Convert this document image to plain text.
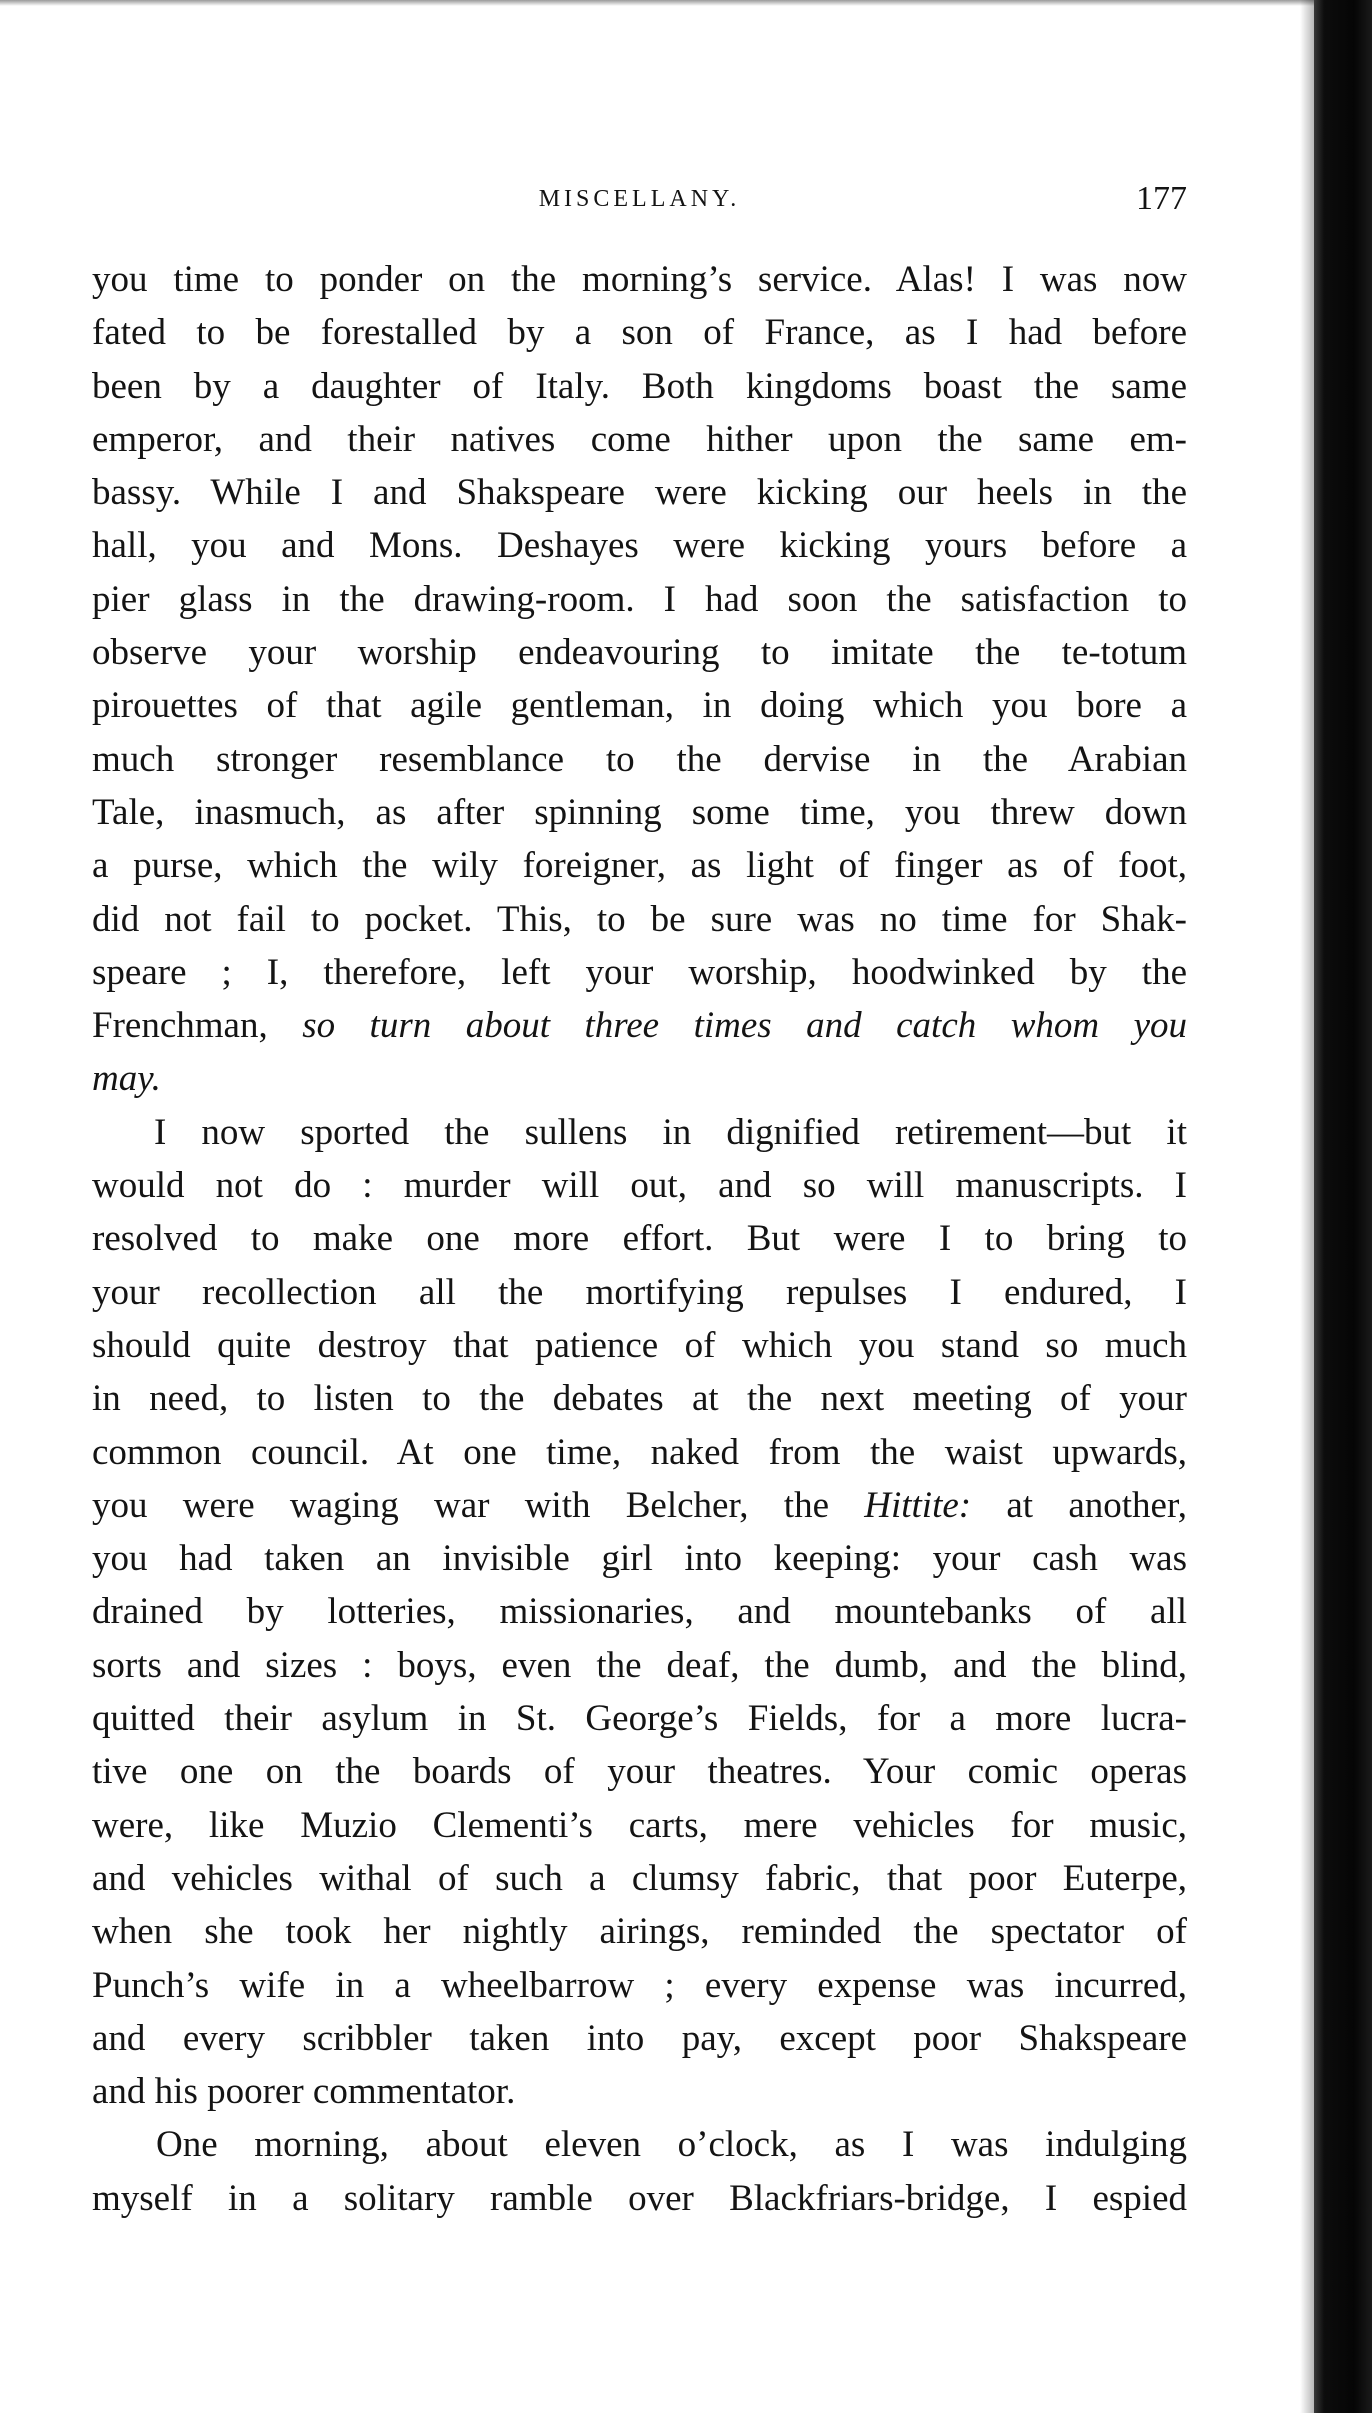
MISCELLANY.	177
you time to ponder on the morning’s service. Alas! I was now
fated to be forestalled by a son of France, as I had before
been by a daughter of Italy. Both kingdoms boast the same
emperor, and their natives come hither upon the same em-
bassy. While I and Shakspeare were kicking our heels in the
hall, you and Mons. Deshayes were kicking yours before a
pier glass in the drawing-room. I had soon the satisfaction to
observe your worship endeavouring to imitate the te-totum
pirouettes of that agile gentleman, in doing which you bore a
much stronger resemblance to the dervise in the Arabian
Tale, inasmuch, as after spinning some time, you threw down
a purse, which the wily foreigner, as light of finger as of foot,
did not fail to pocket. This, to be sure was no time for Shak-
speare ; I, therefore, left your worship, hoodwinked by the
Frenchman, so turn about three times and catch whom you
may.
I now sported the sullens in dignified retirement—but it
would not do : murder will out, and so will manuscripts. I
resolved to make one more effort. But were I to bring to
your recollection all the mortifying repulses I endured, I
should quite destroy that patience of which you stand so much
in need, to listen to the debates at the next meeting of your
common council. At one time, naked from the waist upwards,
you were waging war with Belcher, the Hittite: at another,
you had taken an invisible girl into keeping: your cash was
drained by lotteries, missionaries, and mountebanks of all
sorts and sizes : boys, even the deaf, the dumb, and the blind,
quitted their asylum in St. George’s Fields, for a more lucra-
tive one on the boards of your theatres. Your comic operas
were, like Muzio Clementi’s carts, mere vehicles for music,
and vehicles withal of such a clumsy fabric, that poor Euterpe,
when she took her nightly airings, reminded the spectator of
Punch’s wife in a wheelbarrow ; every expense was incurred,
and every scribbler taken into pay, except poor Shakspeare
and his poorer commentator.
One morning, about eleven o’clock, as I was indulging
myself in a solitary ramble over Blackfriars-bridge, I espied
